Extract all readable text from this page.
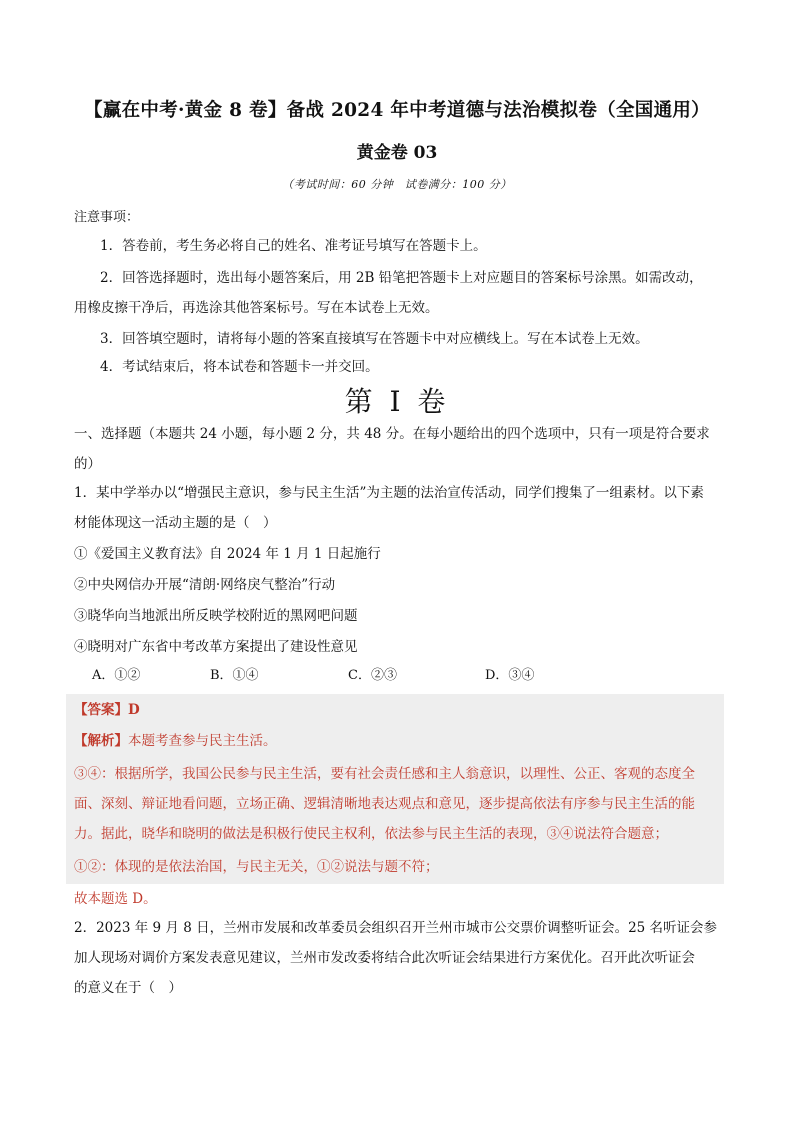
【赢在中考·黄金 8 卷】备战 2024 年中考道德与法治模拟卷（全国通用）
黄金卷 03
（考试时间：60 分钟　试卷满分：100 分）
注意事项：
1．答卷前，考生务必将自己的姓名、准考证号填写在答题卡上。
2．回答选择题时，选出每小题答案后，用 2B 铅笔把答题卡上对应题目的答案标号涂黑。如需改动，
用橡皮擦干净后，再选涂其他答案标号。写在本试卷上无效。
3．回答填空题时，请将每小题的答案直接填写在答题卡中对应横线上。写在本试卷上无效。
4．考试结束后，将本试卷和答题卡一并交回。
第 I 卷
一、选择题（本题共 24 小题，每小题 2 分，共 48 分。在每小题给出的四个选项中，只有一项是符合要求
的）
1．某中学举办以“增强民主意识，参与民主生活”为主题的法治宣传活动，同学们搜集了一组素材。以下素
材能体现这一活动主题的是（　）
①《爱国主义教育法》自 2024 年 1 月 1 日起施行
②中央网信办开展“清朗·网络戾气整治”行动
③晓华向当地派出所反映学校附近的黑网吧问题
④晓明对广东省中考改革方案提出了建设性意见
A．①②	B．①④	C．②③	D．③④
【答案】D
【解析】本题考查参与民主生活。
③④：根据所学，我国公民参与民主生活，要有社会责任感和主人翁意识，以理性、公正、客观的态度全
面、深刻、辩证地看问题，立场正确、逻辑清晰地表达观点和意见，逐步提高依法有序参与民主生活的能
力。据此，晓华和晓明的做法是积极行使民主权利，依法参与民主生活的表现，③④说法符合题意；
①②：体现的是依法治国，与民主无关，①②说法与题不符；
故本题选 D。
2．2023 年 9 月 8 日，兰州市发展和改革委员会组织召开兰州市城市公交票价调整听证会。25 名听证会参
加人现场对调价方案发表意见建议，兰州市发改委将结合此次听证会结果进行方案优化。召开此次听证会
的意义在于（　）
